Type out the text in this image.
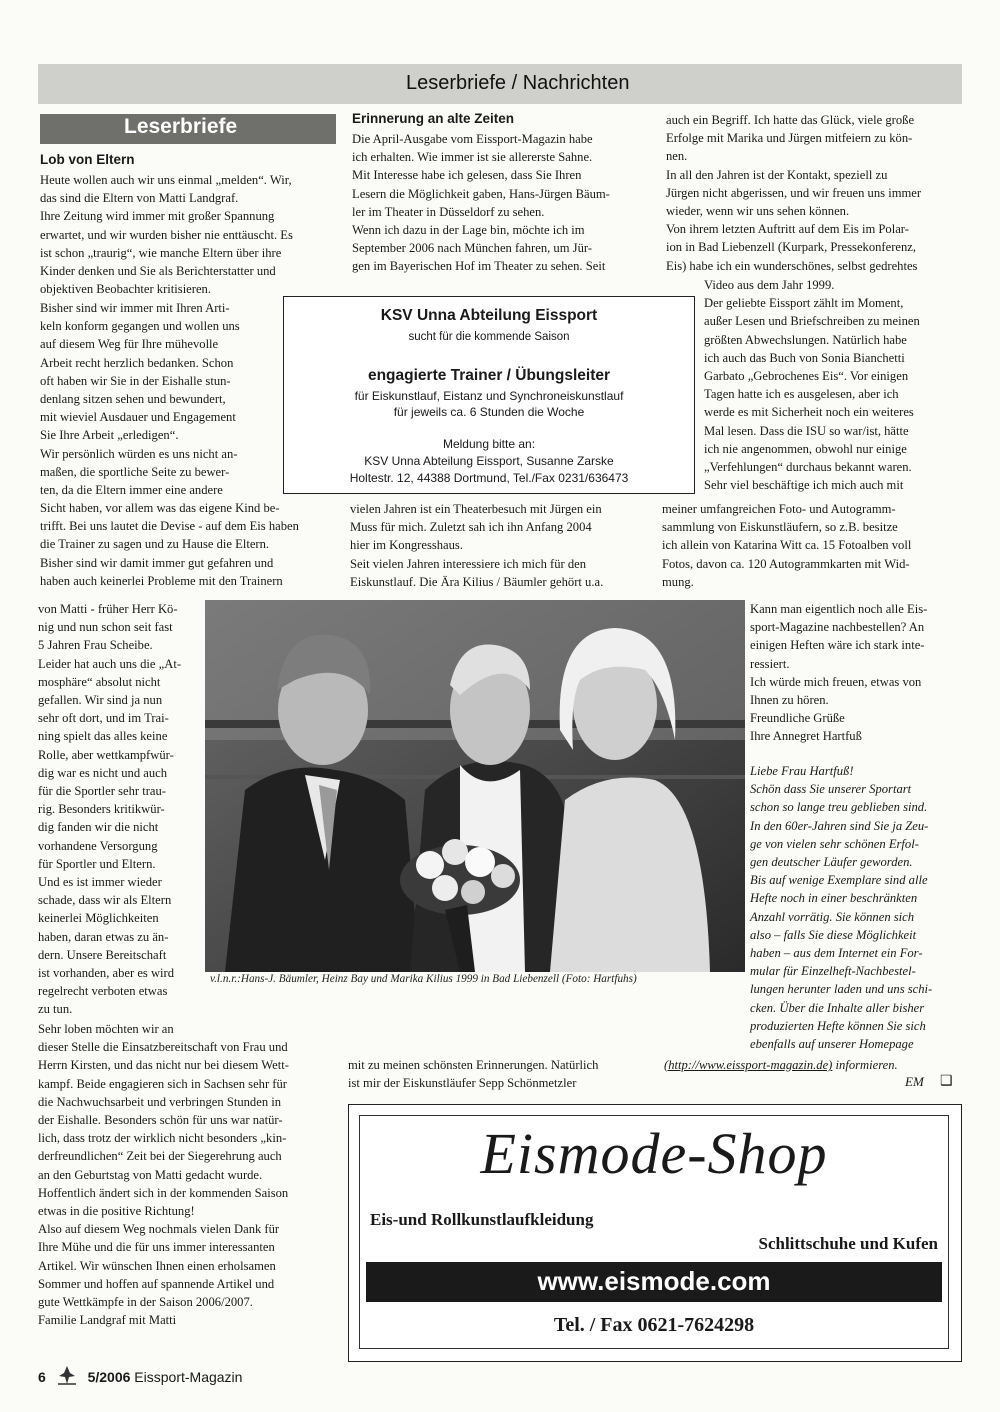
Leserbriefe / Nachrichten
Leserbriefe
Lob von Eltern

Heute wollen auch wir uns einmal „melden“. Wir,

das sind die Eltern von Matti Landgraf.

Ihre Zeitung wird immer mit großer Spannung

erwartet, und wir wurden bisher nie enttäuscht. Es

ist schon „traurig“, wie manche Eltern über ihre

Kinder denken und Sie als Berichterstatter und

objektiven Beobachter kritisieren.

Bisher sind wir immer mit Ihren Arti-

keln konform gegangen und wollen uns

auf diesem Weg für Ihre mühevolle

Arbeit recht herzlich bedanken. Schon

oft haben wir Sie in der Eishalle stun-

denlang sitzen sehen und bewundert,

mit wieviel Ausdauer und Engagement

Sie Ihre Arbeit „erledigen“.

Wir persönlich würden es uns nicht an-

maßen, die sportliche Seite zu bewer-

ten, da die Eltern immer eine andere

Sicht haben, vor allem was das eigene Kind be-

trifft. Bei uns lautet die Devise - auf dem Eis haben

die Trainer zu sagen und zu Hause die Eltern.

Bisher sind wir damit immer gut gefahren und

haben auch keinerlei Probleme mit den Trainern

von Matti - früher Herr Kö-

nig und nun schon seit fast

5 Jahren Frau Scheibe.

Leider hat auch uns die „At-

mosphäre“ absolut nicht

gefallen. Wir sind ja nun

sehr oft dort, und im Trai-

ning spielt das alles keine

Rolle, aber wettkampfwür-

dig war es nicht und auch

für die Sportler sehr trau-

rig. Besonders kritikwür-

dig fanden wir die nicht

vorhandene Versorgung

für Sportler und Eltern.

Und es ist immer wieder

schade, dass wir als Eltern

keinerlei Möglichkeiten

haben, daran etwas zu än-

dern. Unsere Bereitschaft

ist vorhanden, aber es wird

regelrecht verboten etwas

zu tun.

Sehr loben möchten wir an

dieser Stelle die Einsatzbereitschaft von Frau und

Herrn Kirsten, und das nicht nur bei diesem Wett-

kampf. Beide engagieren sich in Sachsen sehr für

die Nachwuchsarbeit und verbringen Stunden in

der Eishalle. Besonders schön für uns war natür-

lich, dass trotz der wirklich nicht besonders „kin-

derfreundlichen“ Zeit bei der Siegerehrung auch

an den Geburtstag von Matti gedacht wurde.

Hoffentlich ändert sich in der kommenden Saison

etwas in die positive Richtung!

Also auf diesem Weg nochmals vielen Dank für

Ihre Mühe und die für uns immer interessanten

Artikel. Wir wünschen Ihnen einen erholsamen

Sommer und hoffen auf spannende Artikel und

gute Wettkämpfe in der Saison 2006/2007.

Familie Landgraf mit Matti

Erinnerung an alte Zeiten

Die April-Ausgabe vom Eissport-Magazin habe

ich erhalten. Wie immer ist sie allererste Sahne.

Mit Interesse habe ich gelesen, dass Sie Ihren

Lesern die Möglichkeit gaben, Hans-Jürgen Bäum-

ler im Theater in Düsseldorf zu sehen.

Wenn ich dazu in der Lage bin, möchte ich im

September 2006 nach München fahren, um Jür-

gen im Bayerischen Hof im Theater zu sehen. Seit

vielen Jahren ist ein Theaterbesuch mit Jürgen ein

Muss für mich. Zuletzt sah ich ihn Anfang 2004

hier im Kongresshaus.

Seit vielen Jahren interessiere ich mich für den

Eiskunstlauf. Die Ära Kilius / Bäumler gehört u.a.

mit zu meinen schönsten Erinnerungen. Natürlich

ist mir der Eiskunstläufer Sepp Schönmetzler

auch ein Begriff. Ich hatte das Glück, viele große

Erfolge mit Marika und Jürgen mitfeiern zu kön-

nen.

In all den Jahren ist der Kontakt, speziell zu

Jürgen nicht abgerissen, und wir freuen uns immer

wieder, wenn wir uns sehen können.

Von ihrem letzten Auftritt auf dem Eis im Polar-

ion in Bad Liebenzell (Kurpark, Pressekonferenz,

Eis) habe ich ein wunderschönes, selbst gedrehtes

Video aus dem Jahr 1999.

Der geliebte Eissport zählt im Moment,

außer Lesen und Briefschreiben zu meinen

größten Abwechslungen. Natürlich habe

ich auch das Buch von Sonia Bianchetti

Garbato „Gebrochenes Eis“. Vor einigen

Tagen hatte ich es ausgelesen, aber ich

werde es mit Sicherheit noch ein weiteres

Mal lesen. Dass die ISU so war/ist, hätte

ich nie angenommen, obwohl nur einige

„Verfehlungen“ durchaus bekannt waren.

Sehr viel beschäftige ich mich auch mit

meiner umfangreichen Foto- und Autogramm-

sammlung von Eiskunstläufern, so z.B. besitze

ich allein von Katarina Witt ca. 15 Fotoalben voll

Fotos, davon ca. 120 Autogrammkarten mit Wid-

mung.

Kann man eigentlich noch alle Eis-

sport-Magazine nachbestellen? An

einigen Heften wäre ich stark inte-

ressiert.

Ich würde mich freuen, etwas von

Ihnen zu hören.

Freundliche Grüße

Ihre Annegret Hartfuß

Liebe Frau Hartfuß!

Schön dass Sie unserer Sportart

schon so lange treu geblieben sind.

In den 60er-Jahren sind Sie ja Zeu-

ge von vielen sehr schönen Erfol-

gen deutscher Läufer geworden.

Bis auf wenige Exemplare sind alle

Hefte noch in einer beschränkten

Anzahl vorrätig. Sie können sich

also – falls Sie diese Möglichkeit

haben – aus dem Internet ein For-

mular für Einzelheft-Nachbestel-

lungen herunter laden und uns schi-

cken. Über die Inhalte aller bisher

produzierten Hefte können Sie sich

ebenfalls auf unserer Homepage

(http://www.eissport-magazin.de) informieren.
EM ❑
KSV Unna Abteilung Eissport
sucht für die kommende Saison
engagierte Trainer / Übungsleiter
für Eiskunstlauf, Eistanz und Synchroneiskunstlauf
für jeweils ca. 6 Stunden die Woche
Meldung bitte an:
KSV Unna Abteilung Eissport, Susanne Zarske
Holtestr. 12, 44388 Dortmund, Tel./Fax 0231/636473
v.l.n.r.:Hans-J. Bäumler, Heinz Bay und Marika Kilius 1999 in Bad Liebenzell (Foto: Hartfuhs)
Eismode-Shop
Eis-und Rollkunstlaufkleidung
Schlittschuhe und Kufen
www.eismode.com
Tel. / Fax 0621-7624298
6	5/2006 Eissport-Magazin
